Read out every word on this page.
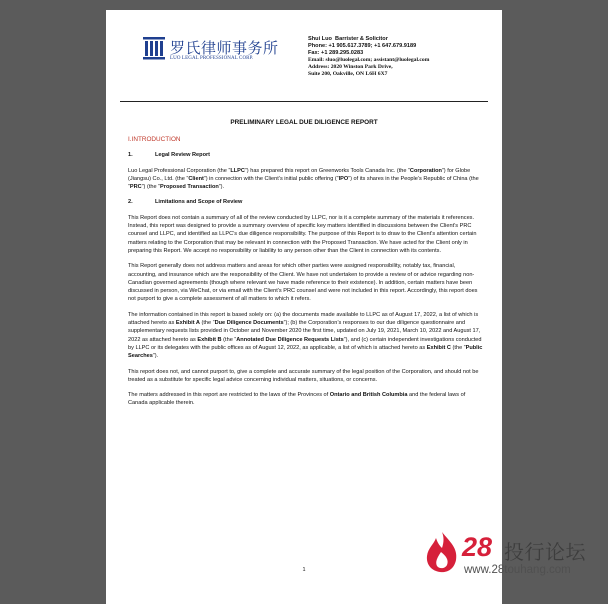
罗氏律师事务所
LUO LEGAL PROFESSIONAL CORP.
Shui Luo Barrister & Solicitor
Phone: +1 905.617.3789; +1 647.679.9189
Fax: +1 289.295.0283
Email: sluo@luolegal.com; assistant@luolegal.com
Address: 2020 Winston Park Drive,
Suite 200, Oakville, ON L6H 6X7
PRELIMINARY LEGAL DUE DILIGENCE REPORT
I.INTRODUCTION
1.	Legal Review Report

Luo Legal Professional Corporation (the “LLPC”) has prepared this report on Greenworks Tools Canada Inc. (the “Corporation”) for Globe (Jiangsu) Co., Ltd. (the “Client”) in connection with the Client’s initial public offering (“IPO”) of its shares in the People’s Republic of China (the “PRC”) (the “Proposed Transaction”).

2.	Limitations and Scope of Review

This Report does not contain a summary of all of the review conducted by LLPC, nor is it a complete summary of the materials it references. Instead, this report was designed to provide a summary overview of specific key matters identified in discussions between the Client’s PRC counsel and LLPC, and identified as LLPC’s due diligence responsibility. The purpose of this Report is to draw to the Client’s attention certain matters relating to the Corporation that may be relevant in connection with the Proposed Transaction. We have acted for the Client only in preparing this Report. We accept no responsibility or liability to any person other than the Client in connection with its contents.

This Report generally does not address matters and areas for which other parties were assigned responsibility, notably tax, financial, accounting, and insurance which are the responsibility of the Client. We have not undertaken to provide a review of or advice regarding non-Canadian governed agreements (though where relevant we have made reference to their existence). In addition, certain matters have been discussed in person, via WeChat, or via email with the Client’s PRC counsel and were not included in this report. Accordingly, this report does not purport to give a complete assessment of all matters to which it refers.

The information contained in this report is based solely on: (a) the documents made available to LLPC as of August 17, 2022, a list of which is attached hereto as Exhibit A (the “Due Diligence Documents”); (b) the Corporation’s responses to our due diligence questionnaire and supplementary requests lists provided in October and November 2020 the first time, updated on July 19, 2021, March 10, 2022 and August 17, 2022 as attached hereto as Exhibit B (the “Annotated Due Diligence Requests Lists”), and (c) certain independent investigations conducted by LLPC or its delegates with the public offices as of August 12, 2022, as applicable, a list of which is attached hereto as Exhibit C (the “Public Searches”).

This report does not, and cannot purport to, give a complete and accurate summary of the legal position of the Corporation, and should not be treated as a substitute for specific legal advice concerning individual matters, situations, or concerns.

The matters addressed in this report are restricted to the laws of the Provinces of Ontario and British Columbia and the federal laws of Canada applicable therein.

1
28 投行论坛
www.28touhang.com
